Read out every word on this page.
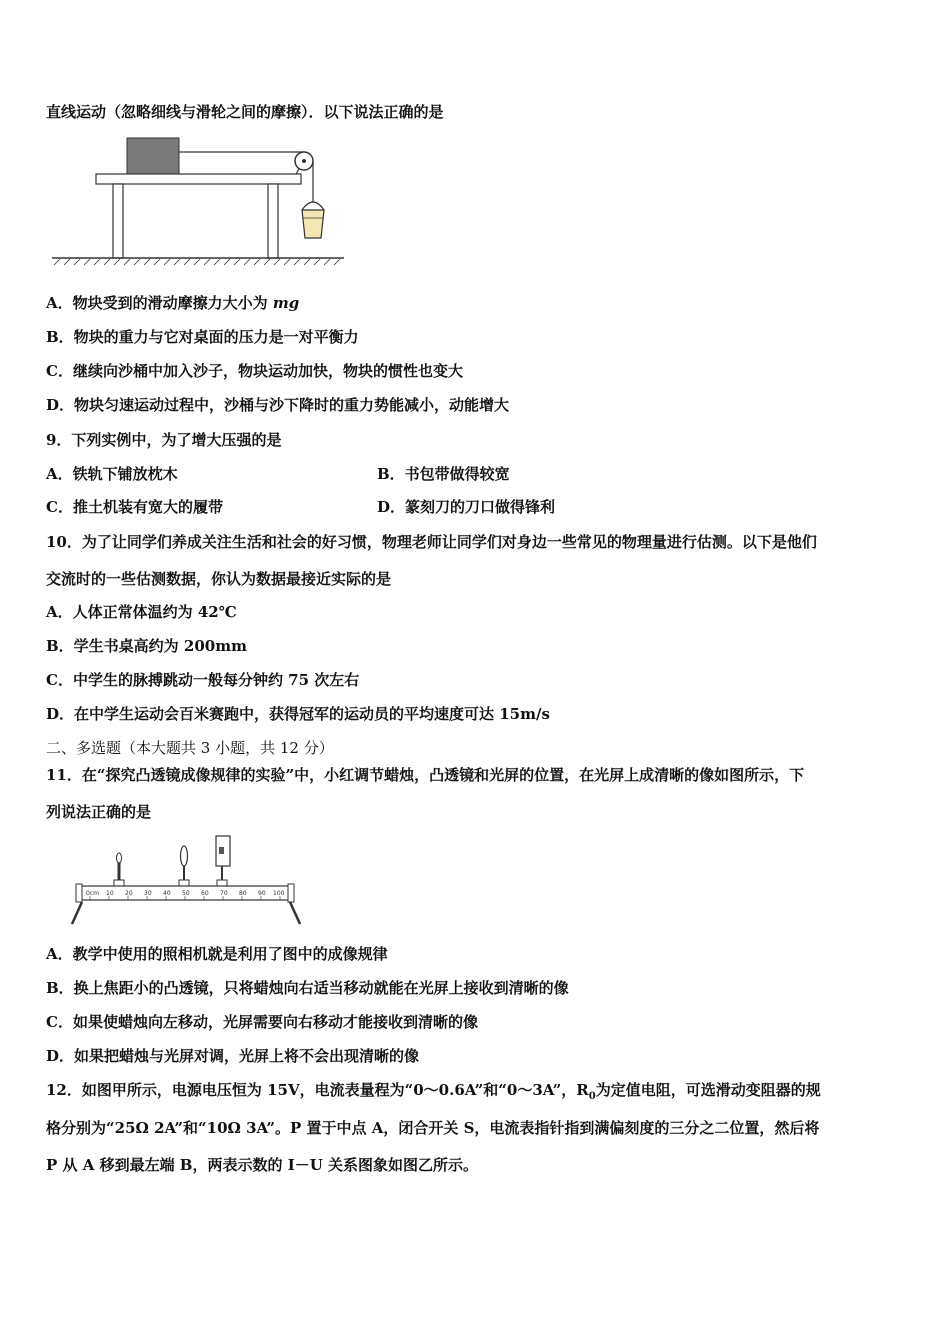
直线运动（忽略细线与滑轮之间的摩擦）．以下说法正确的是
A．物块受到的滑动摩擦力大小为 mg
B．物块的重力与它对桌面的压力是一对平衡力
C．继续向沙桶中加入沙子，物块运动加快，物块的惯性也变大
D．物块匀速运动过程中，沙桶与沙下降时的重力势能减小，动能增大
9．下列实例中，为了增大压强的是
A．铁轨下铺放枕木	B．书包带做得较宽
C．推土机装有宽大的履带	D．篆刻刀的刀口做得锋利
10．为了让同学们养成关注生活和社会的好习惯，物理老师让同学们对身边一些常见的物理量进行估测。以下是他们
交流时的一些估测数据，你认为数据最接近实际的是
A．人体正常体温约为 42℃
B．学生书桌高约为 200mm
C．中学生的脉搏跳动一般每分钟约 75 次左右
D．在中学生运动会百米赛跑中，获得冠军的运动员的平均速度可达 15m/s
二、多选题（本大题共 3 小题，共 12 分）
11．在“探究凸透镜成像规律的实验”中，小红调节蜡烛，凸透镜和光屏的位置，在光屏上成清晰的像如图所示，下
列说法正确的是
0cm 10 20 30 40 50 60 70 80 90 100
A．教学中使用的照相机就是利用了图中的成像规律
B．换上焦距小的凸透镜，只将蜡烛向右适当移动就能在光屏上接收到清晰的像
C．如果使蜡烛向左移动，光屏需要向右移动才能接收到清晰的像
D．如果把蜡烛与光屏对调，光屏上将不会出现清晰的像
12．如图甲所示，电源电压恒为 15V，电流表量程为“0～0.6A”和“0～3A”，$R_0$为定值电阻，可选滑动变阻器的规
格分别为“25Ω 2A”和“10Ω 3A”。P 置于中点 A，闭合开关 S，电流表指针指到满偏刻度的三分之二位置，然后将
P 从 A 移到最左端 B，两表示数的 I－U 关系图象如图乙所示。
